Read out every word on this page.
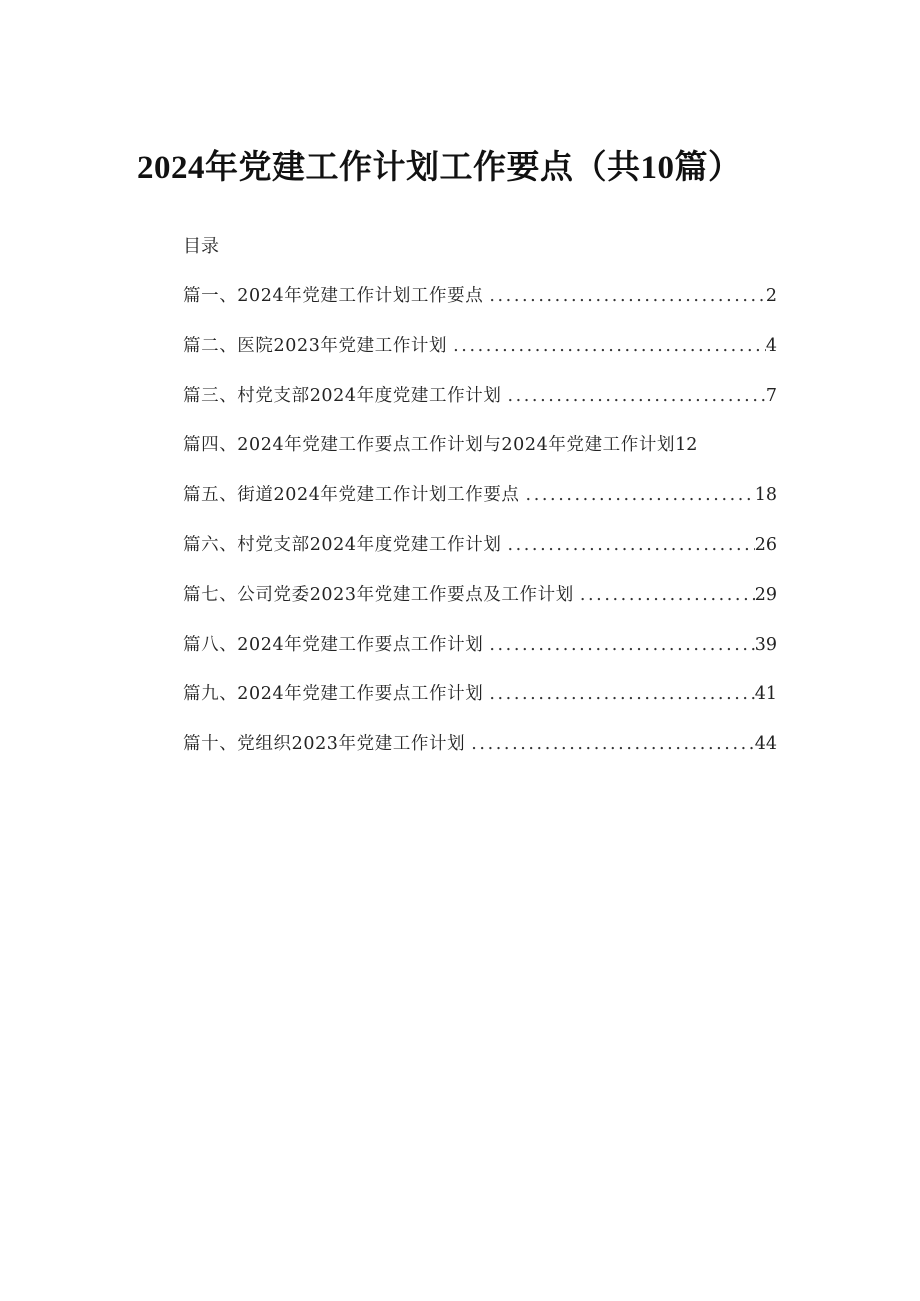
2024年党建工作计划工作要点（共10篇）
目录
篇一、2024年党建工作计划工作要点 .....	2
篇二、医院2023年党建工作计划 .....	4
篇三、村党支部2024年度党建工作计划 .....	7
篇四、2024年党建工作要点工作计划与2024年党建工作计划 12
篇五、街道2024年党建工作计划工作要点 .....	18
篇六、村党支部2024年度党建工作计划 .....	26
篇七、公司党委2023年党建工作要点及工作计划 .....	29
篇八、2024年党建工作要点工作计划 .....	39
篇九、2024年党建工作要点工作计划 .....	41
篇十、党组织2023年党建工作计划 .....	44
